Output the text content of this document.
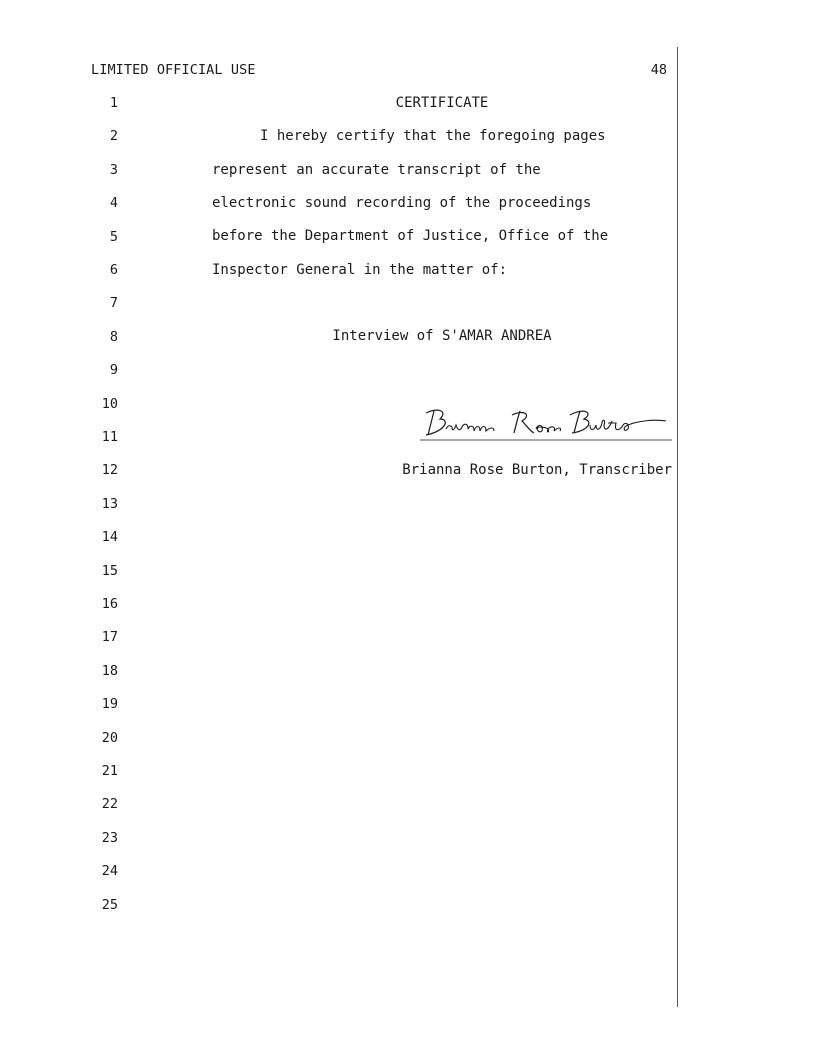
LIMITED OFFICIAL USE	48
1
2
3
4
5
6
7
8
9
10
11
12
13
14
15
16
17
18
19
20
21
22
23
24
25
CERTIFICATE
I hereby certify that the foregoing pages
represent an accurate transcript of the
electronic sound recording of the proceedings
before the Department of Justice, Office of the
Inspector General in the matter of:
Interview of S'AMAR ANDREA
Brianna Rose Burton, Transcriber
